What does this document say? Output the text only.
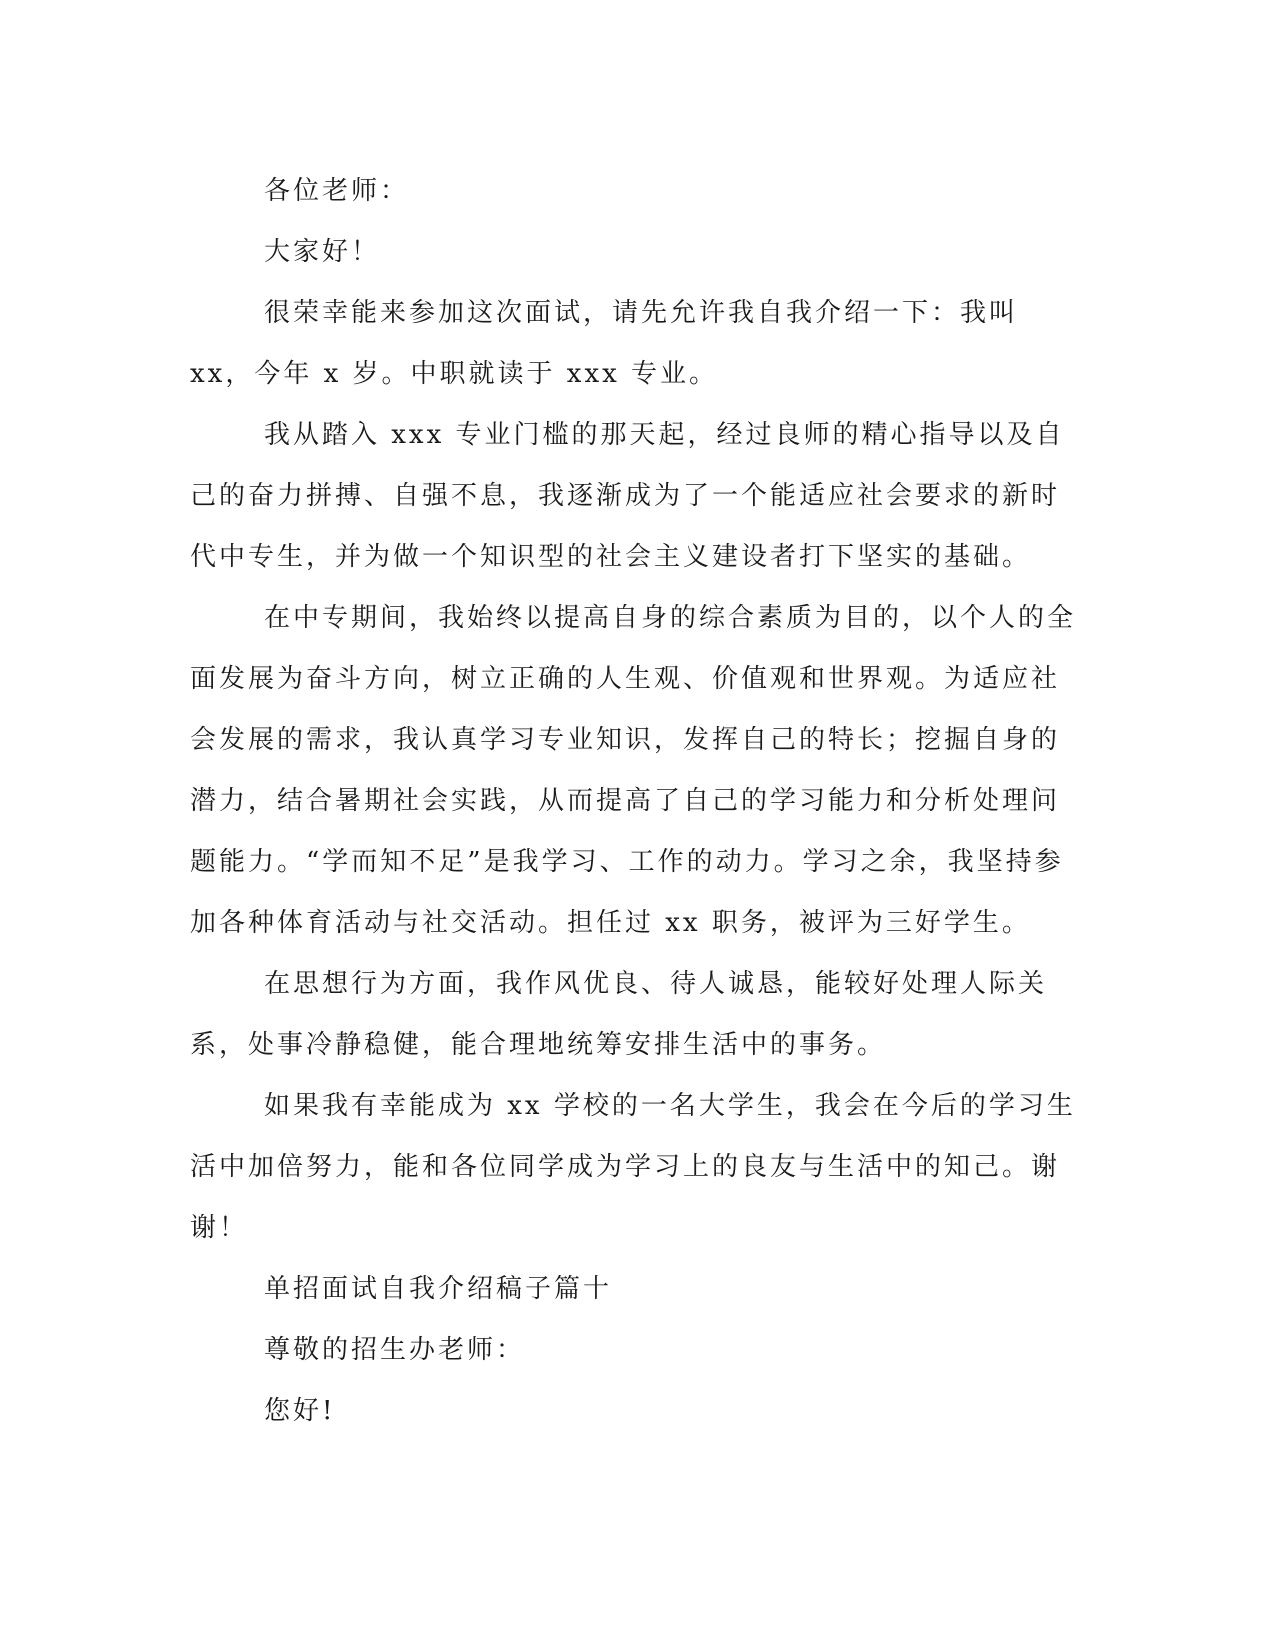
各位老师：

大家好！

很荣幸能来参加这次面试，请先允许我自我介绍一下：我叫 xx，今年 x 岁。中职就读于 xxx 专业。

我从踏入 xxx 专业门槛的那天起，经过良师的精心指导以及自己的奋力拼搏、自强不息，我逐渐成为了一个能适应社会要求的新时代中专生，并为做一个知识型的社会主义建设者打下坚实的基础。

在中专期间，我始终以提高自身的综合素质为目的，以个人的全面发展为奋斗方向，树立正确的人生观、价值观和世界观。为适应社会发展的需求，我认真学习专业知识，发挥自己的特长；挖掘自身的潜力，结合暑期社会实践，从而提高了自己的学习能力和分析处理问题能力。“学而知不足”是我学习、工作的动力。学习之余，我坚持参加各种体育活动与社交活动。担任过 xx 职务，被评为三好学生。

在思想行为方面，我作风优良、待人诚恳，能较好处理人际关系，处事冷静稳健，能合理地统筹安排生活中的事务。

如果我有幸能成为 xx 学校的一名大学生，我会在今后的学习生活中加倍努力，能和各位同学成为学习上的良友与生活中的知己。谢谢！

单招面试自我介绍稿子篇十

尊敬的招生办老师：

您好!
